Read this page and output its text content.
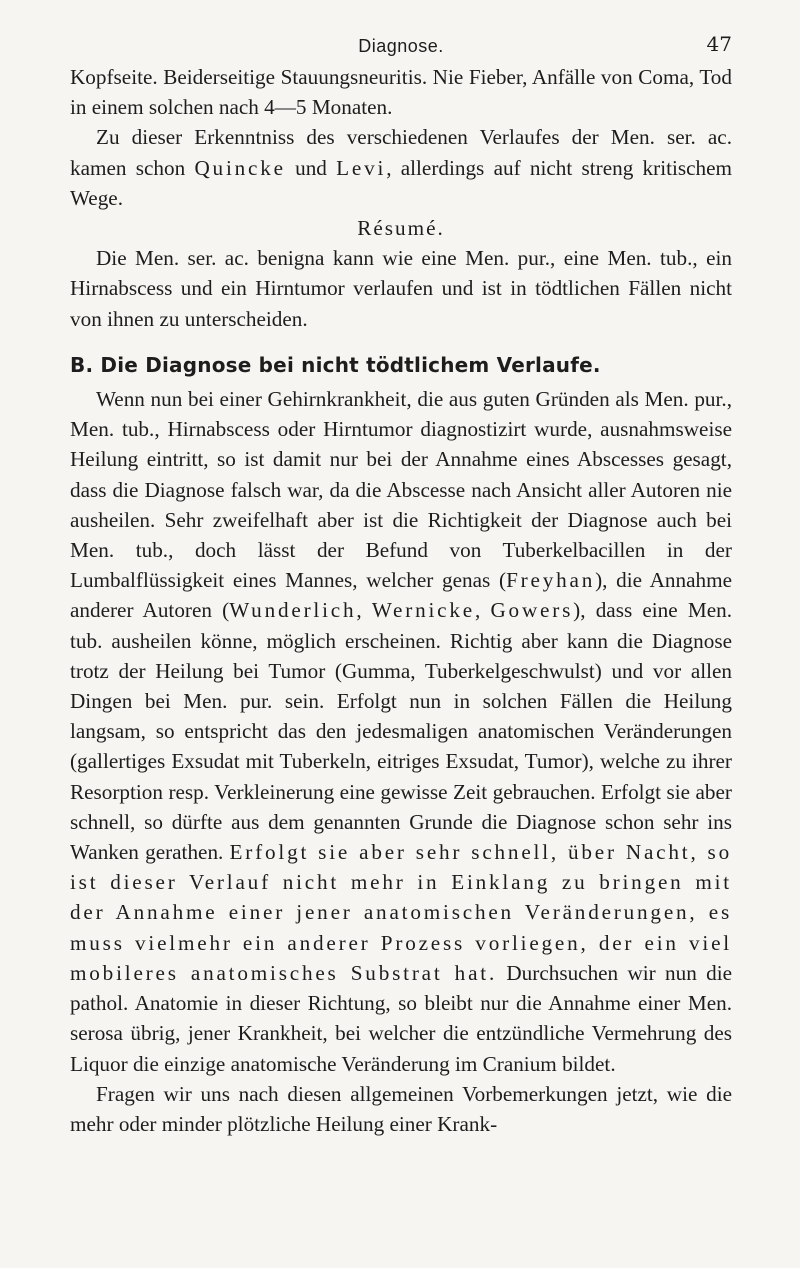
Diagnose.	47

Kopfseite. Beiderseitige Stauungsneuritis. Nie Fieber, Anfälle von Coma, Tod in einem solchen nach 4—5 Monaten.

Zu dieser Erkenntniss des verschiedenen Verlaufes der Men. ser. ac. kamen schon Quincke und Levi, allerdings auf nicht streng kritischem Wege.

Résumé.

Die Men. ser. ac. benigna kann wie eine Men. pur., eine Men. tub., ein Hirnabscess und ein Hirntumor verlaufen und ist in tödtlichen Fällen nicht von ihnen zu unterscheiden.

B. Die Diagnose bei nicht tödtlichem Verlaufe.

Wenn nun bei einer Gehirnkrankheit, die aus guten Gründen als Men. pur., Men. tub., Hirnabscess oder Hirntumor diagnostizirt wurde, ausnahmsweise Heilung eintritt, so ist damit nur bei der Annahme eines Abscesses gesagt, dass die Diagnose falsch war, da die Abscesse nach Ansicht aller Autoren nie ausheilen. Sehr zweifelhaft aber ist die Richtigkeit der Diagnose auch bei Men. tub., doch lässt der Befund von Tuberkelbacillen in der Lumbalflüssigkeit eines Mannes, welcher genas (Freyhan), die Annahme anderer Autoren (Wunderlich, Wernicke, Gowers), dass eine Men. tub. ausheilen könne, möglich erscheinen. Richtig aber kann die Diagnose trotz der Heilung bei Tumor (Gumma, Tuberkelgeschwulst) und vor allen Dingen bei Men. pur. sein. Erfolgt nun in solchen Fällen die Heilung langsam, so entspricht das den jedesmaligen anatomischen Veränderungen (gallertiges Exsudat mit Tuberkeln, eitriges Exsudat, Tumor), welche zu ihrer Resorption resp. Verkleinerung eine gewisse Zeit gebrauchen. Erfolgt sie aber schnell, so dürfte aus dem genannten Grunde die Diagnose schon sehr ins Wanken gerathen. Erfolgt sie aber sehr schnell, über Nacht, so ist dieser Verlauf nicht mehr in Einklang zu bringen mit der Annahme einer jener anatomischen Veränderungen, es muss vielmehr ein anderer Prozess vorliegen, der ein viel mobileres anatomisches Substrat hat. Durchsuchen wir nun die pathol. Anatomie in dieser Richtung, so bleibt nur die Annahme einer Men. serosa übrig, jener Krankheit, bei welcher die entzündliche Vermehrung des Liquor die einzige anatomische Veränderung im Cranium bildet.

Fragen wir uns nach diesen allgemeinen Vorbemerkungen jetzt, wie die mehr oder minder plötzliche Heilung einer Krank-
